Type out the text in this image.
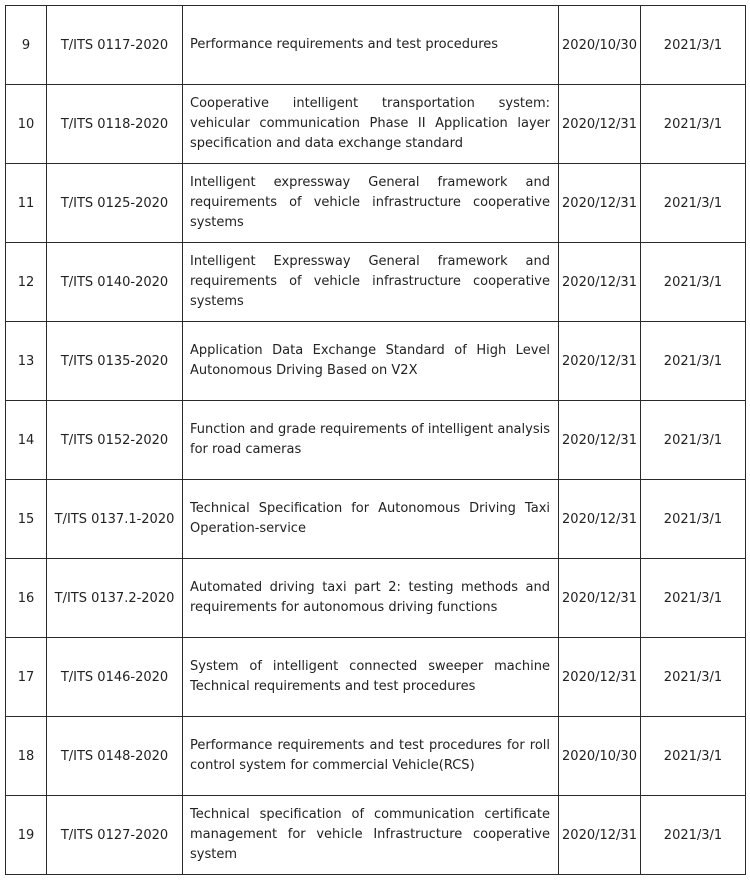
9	T/ITS 0117-2020	Performance requirements and test procedures	2020/10/30	2021/3/1
10	T/ITS 0118-2020	Cooperative intelligent transportation system: vehicular communication Phase II Application layer specification and data exchange standard	2020/12/31	2021/3/1
11	T/ITS 0125-2020	Intelligent expressway General framework and requirements of vehicle infrastructure cooperative systems	2020/12/31	2021/3/1
12	T/ITS 0140-2020	Intelligent Expressway General framework and requirements of vehicle infrastructure cooperative systems	2020/12/31	2021/3/1
13	T/ITS 0135-2020	Application Data Exchange Standard of High Level Autonomous Driving Based on V2X	2020/12/31	2021/3/1
14	T/ITS 0152-2020	Function and grade requirements of intelligent analysis for road cameras	2020/12/31	2021/3/1
15	T/ITS 0137.1-2020	Technical Specification for Autonomous Driving Taxi Operation-service	2020/12/31	2021/3/1
16	T/ITS 0137.2-2020	Automated driving taxi part 2: testing methods and requirements for autonomous driving functions	2020/12/31	2021/3/1
17	T/ITS 0146-2020	System of intelligent connected sweeper machine Technical requirements and test procedures	2020/12/31	2021/3/1
18	T/ITS 0148-2020	Performance requirements and test procedures for roll control system for commercial Vehicle(RCS)	2020/10/30	2021/3/1
19	T/ITS 0127-2020	Technical specification of communication certificate management for vehicle Infrastructure cooperative system	2020/12/31	2021/3/1
